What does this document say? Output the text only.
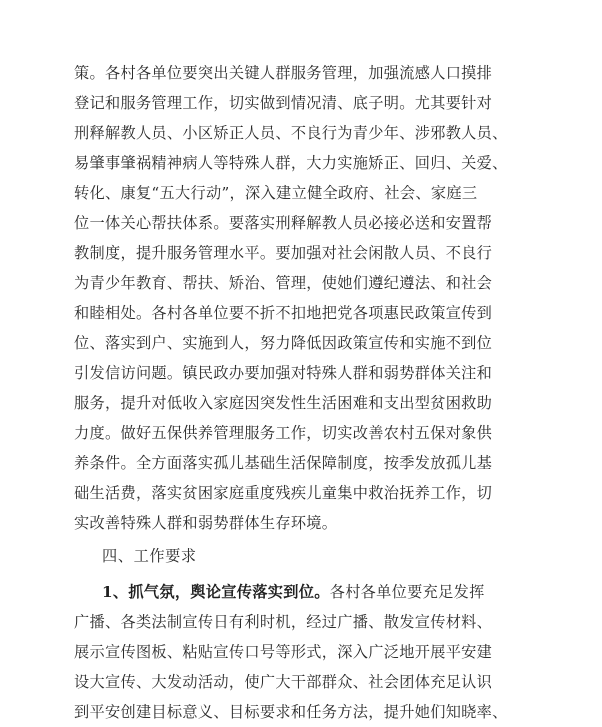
策。各村各单位要突出关键人群服务管理，加强流感人口摸排
登记和服务管理工作，切实做到情况清、底子明。尤其要针对
刑释解教人员、小区矫正人员、不良行为青少年、涉邪教人员、
易肇事肇祸精神病人等特殊人群，大力实施矫正、回归、关爱、
转化、康复“五大行动”，深入建立健全政府、社会、家庭三
位一体关心帮扶体系。要落实刑释解教人员必接必送和安置帮
教制度，提升服务管理水平。要加强对社会闲散人员、不良行
为青少年教育、帮扶、矫治、管理，使她们遵纪遵法、和社会
和睦相处。各村各单位要不折不扣地把党各项惠民政策宣传到
位、落实到户、实施到人，努力降低因政策宣传和实施不到位
引发信访问题。镇民政办要加强对特殊人群和弱势群体关注和
服务，提升对低收入家庭因突发性生活困难和支出型贫困救助
力度。做好五保供养管理服务工作，切实改善农村五保对象供
养条件。全方面落实孤儿基础生活保障制度，按季发放孤儿基
础生活费，落实贫困家庭重度残疾儿童集中救治抚养工作，切
实改善特殊人群和弱势群体生存环境。
四、工作要求
1、抓气氛，舆论宣传落实到位。各村各单位要充足发挥
广播、各类法制宣传日有利时机，经过广播、散发宣传材料、
展示宣传图板、粘贴宣传口号等形式，深入广泛地开展平安建
设大宣传、大发动活动，使广大干部群众、社会团体充足认识
到平安创建目标意义、目标要求和任务方法，提升她们知晓率、
